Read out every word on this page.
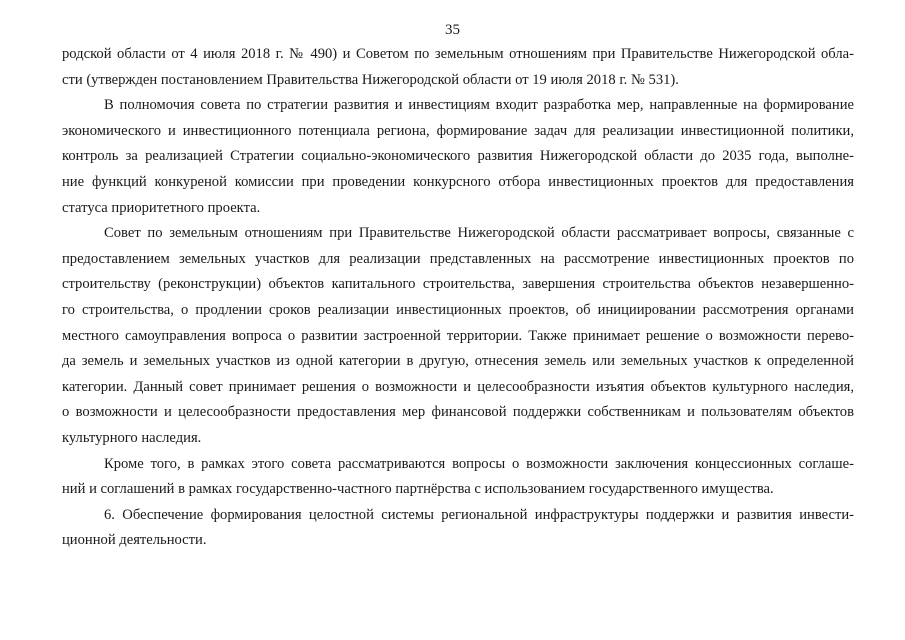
35
родской области от 4 июля 2018 г. № 490) и Советом по земельным отношениям при Правительстве Нижегородской обла-
сти (утвержден постановлением Правительства Нижегородской области от 19 июля 2018 г. № 531).
В полномочия совета по стратегии развития и инвестициям входит разработка мер, направленные на формирование
экономического и инвестиционного потенциала региона, формирование задач для реализации инвестиционной политики,
контроль за реализацией Стратегии социально-экономического развития Нижегородской области до 2035 года, выполне-
ние функций конкуреной комиссии при проведении конкурсного отбора инвестиционных проектов для предоставления
статуса приоритетного проекта.
Совет по земельным отношениям при Правительстве Нижегородской области рассматривает вопросы, связанные с
предоставлением земельных участков для реализации представленных на рассмотрение инвестиционных проектов по
строительству (реконструкции) объектов капитального строительства, завершения строительства объектов незавершенно-
го строительства, о продлении сроков реализации инвестиционных проектов, об инициировании рассмотрения органами
местного самоуправления вопроса о развитии застроенной территории. Также принимает решение о возможности перево-
да земель и земельных участков из одной категории в другую, отнесения земель или земельных участков к определенной
категории. Данный совет принимает решения о возможности и целесообразности изъятия объектов культурного наследия,
о возможности и целесообразности предоставления мер финансовой поддержки собственникам и пользователям объектов
культурного наследия.
Кроме того, в рамках этого совета рассматриваются вопросы о возможности заключения концессионных соглаше-
ний и соглашений в рамках государственно-частного партнёрства с использованием государственного имущества.
6. Обеспечение формирования целостной системы региональной инфраструктуры поддержки и развития инвести-
ционной деятельности.
